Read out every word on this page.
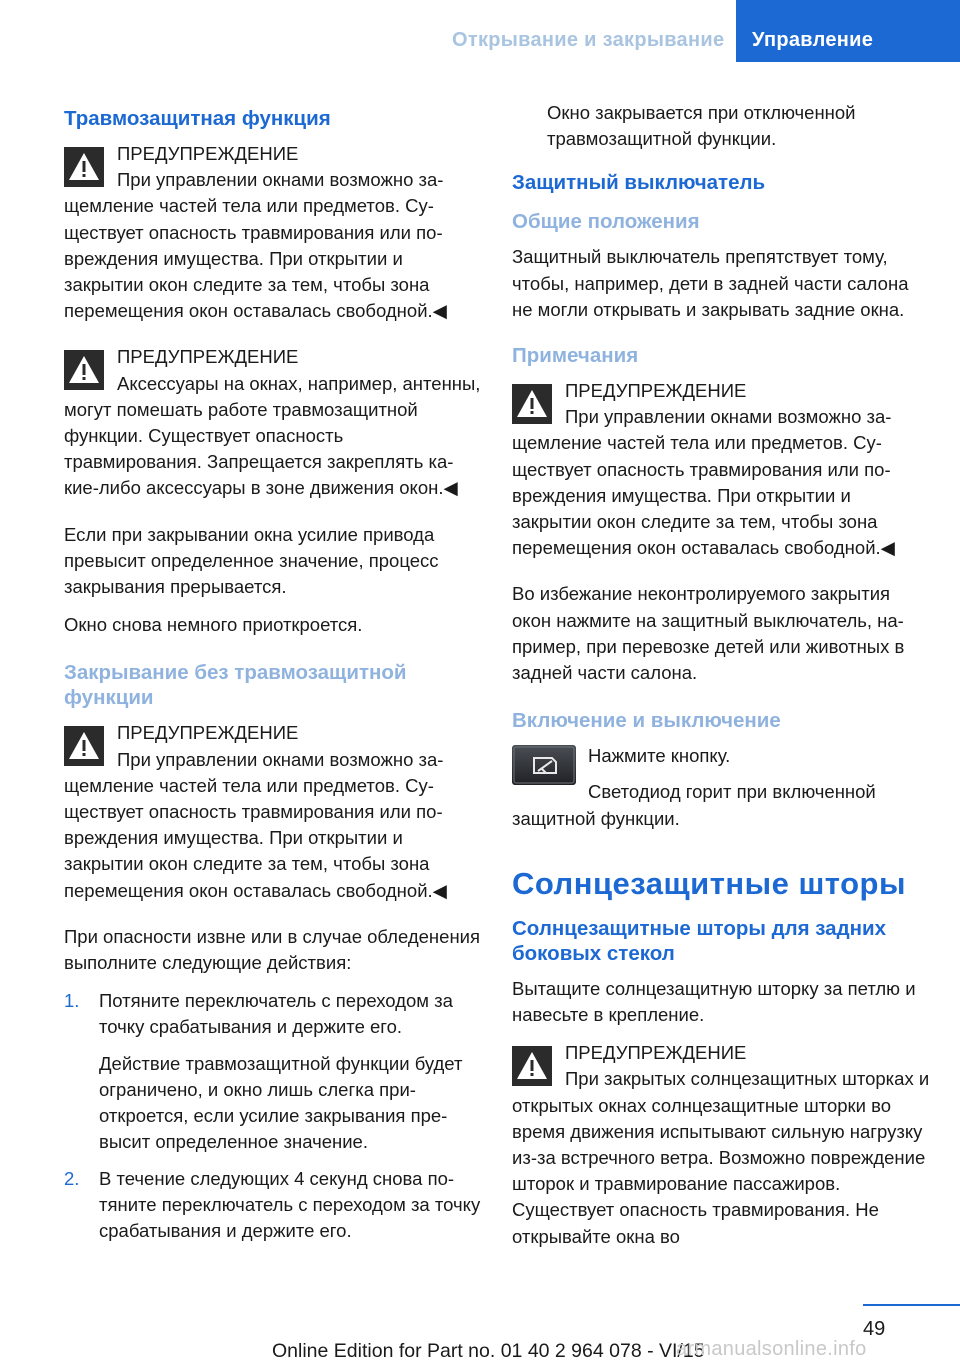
Открывание и закрывание	Управление
Травмозащитная функция
ПРЕДУПРЕЖДЕНИЕ
При управлении окнами возможно защемление частей тела или предметов. Существует опасность травмирования или повреждения имущества. При открытии и закрытии окон следите за тем, чтобы зона перемещения окон оставалась свободной.◀
ПРЕДУПРЕЖДЕНИЕ
Аксессуары на окнах, например, антенны, могут помешать работе травмозащитной функции. Существует опасность травмирования. Запрещается закреплять какие-либо аксессуары в зоне движения окон.◀

Если при закрывании окна усилие привода превысит определенное значение, процесс закрывания прерывается.

Окно снова немного приоткроется.

Закрывание без травмозащитной функции
ПРЕДУПРЕЖДЕНИЕ
При управлении окнами возможно защемление частей тела или предметов. Существует опасность травмирования или повреждения имущества. При открытии и закрытии окон следите за тем, чтобы зона перемещения окон оставалась свободной.◀

При опасности извне или в случае обледенения выполните следующие действия:

1. Потяните переключатель с переходом за точку срабатывания и держите его.
Действие травмозащитной функции будет ограничено, и окно лишь слегка приоткроется, если усилие закрывания превысит определенное значение.
2. В течение следующих 4 секунд снова потяните переключатель с переходом за точку срабатывания и держите его.

Окно закрывается при отключенной травмозащитной функции.

Защитный выключатель
Общие положения

Защитный выключатель препятствует тому, чтобы, например, дети в задней части салона не могли открывать и закрывать задние окна.

Примечания
ПРЕДУПРЕЖДЕНИЕ
При управлении окнами возможно защемление частей тела или предметов. Существует опасность травмирования или повреждения имущества. При открытии и закрытии окон следите за тем, чтобы зона перемещения окон оставалась свободной.◀

Во избежание неконтролируемого закрытия окон нажмите на защитный выключатель, например, при перевозке детей или животных в задней части салона.

Включение и выключение
Нажмите кнопку.
Светодиод горит при включенной защитной функции.
Солнцезащитные шторы
Солнцезащитные шторы для задних боковых стекол

Вытащите солнцезащитную шторку за петлю и навесьте в крепление.

ПРЕДУПРЕЖДЕНИЕ
При закрытых солнцезащитных шторках и открытых окнах солнцезащитные шторки во время движения испытывают сильную нагрузку из-за встречного ветра. Возможно повреждение шторок и травмирование пассажиров. Существует опасность травмирования. Не открывайте окна во
49
Online Edition for Part no. 01 40 2 964 078 - VI/15
armanualsonline.info
